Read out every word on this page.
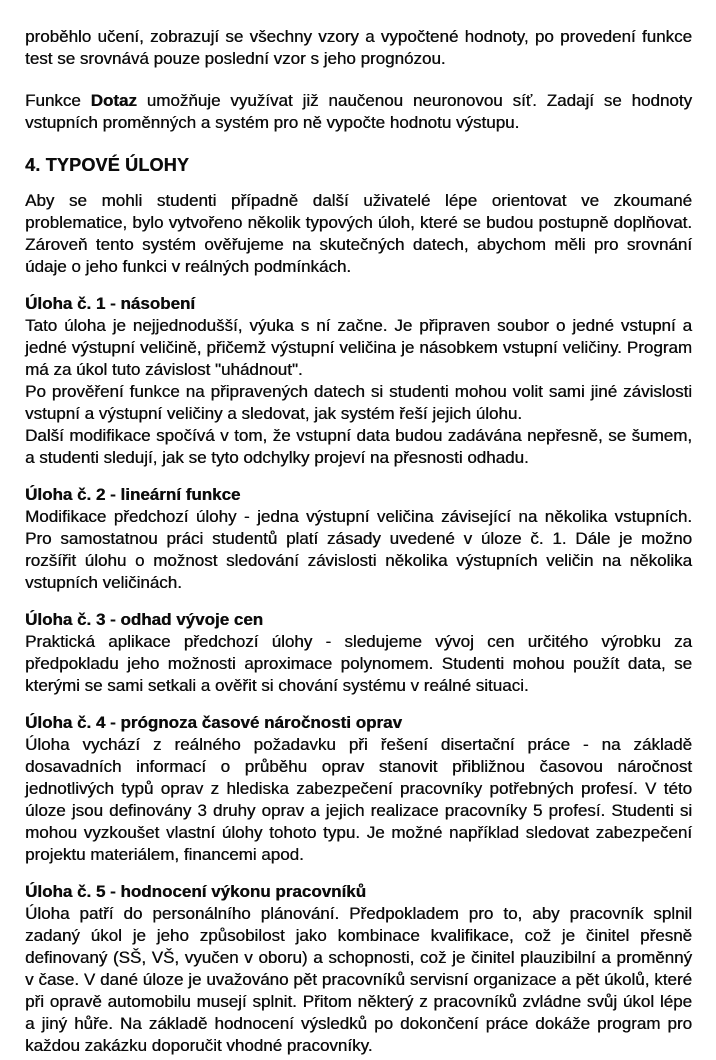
proběhlo učení, zobrazují se všechny vzory a vypočtené hodnoty, po provedení funkce test se srovnává pouze poslední vzor s jeho prognózou.

Funkce Dotaz umožňuje využívat již naučenou neuronovou síť. Zadají se hodnoty vstupních proměnných a systém pro ně vypočte hodnotu výstupu.

4. TYPOVÉ ÚLOHY

Aby se mohli studenti případně další uživatelé lépe orientovat ve zkoumané problematice, bylo vytvořeno několik typových úloh, které se budou postupně doplňovat. Zároveň tento systém ověřujeme na skutečných datech, abychom měli pro srovnání údaje o jeho funkci v reálných podmínkách.

Úloha č. 1 - násobení

Tato úloha je nejjednodušší, výuka s ní začne. Je připraven soubor o jedné vstupní a jedné výstupní veličině, přičemž výstupní veličina je násobkem vstupní veličiny. Program má za úkol tuto závislost "uhádnout".

Po prověření funkce na připravených datech si studenti mohou volit sami jiné závislosti vstupní a výstupní veličiny a sledovat, jak systém řeší jejich úlohu.

Další modifikace spočívá v tom, že vstupní data budou zadávána nepřesně, se šumem, a studenti sledují, jak se tyto odchylky projeví na přesnosti odhadu.

Úloha č. 2 - lineární funkce

Modifikace předchozí úlohy - jedna výstupní veličina závisející na několika vstupních. Pro samostatnou práci studentů platí zásady uvedené v úloze č. 1. Dále je možno rozšířit úlohu o možnost sledování závislosti několika výstupních veličin na několika vstupních veličinách.

Úloha č. 3 - odhad vývoje cen

Praktická aplikace předchozí úlohy - sledujeme vývoj cen určitého výrobku za předpokladu jeho možnosti aproximace polynomem. Studenti mohou použít data, se kterými se sami setkali a ověřit si chování systému v reálné situaci.

Úloha č. 4 - prógnoza časové náročnosti oprav

Úloha vychází z reálného požadavku při řešení disertační práce - na základě dosavadních informací o průběhu oprav stanovit přibližnou časovou náročnost jednotlivých typů oprav z hlediska zabezpečení pracovníky potřebných profesí. V této úloze jsou definovány 3 druhy oprav a jejich realizace pracovníky 5 profesí. Studenti si mohou vyzkoušet vlastní úlohy tohoto typu. Je možné například sledovat zabezpečení projektu materiálem, financemi apod.

Úloha č. 5 - hodnocení výkonu pracovníků

Úloha patří do personálního plánování. Předpokladem pro to, aby pracovník splnil zadaný úkol je jeho způsobilost jako kombinace kvalifikace, což je činitel přesně definovaný (SŠ, VŠ, vyučen v oboru) a schopnosti, což je činitel plauzibilní a proměnný v čase. V dané úloze je uvažováno pět pracovníků servisní organizace a pět úkolů, které při opravě automobilu musejí splnit. Přitom některý z pracovníků zvládne svůj úkol lépe a jiný hůře. Na základě hodnocení výsledků po dokončení práce dokáže program pro každou zakázku doporučit vhodné pracovníky.
